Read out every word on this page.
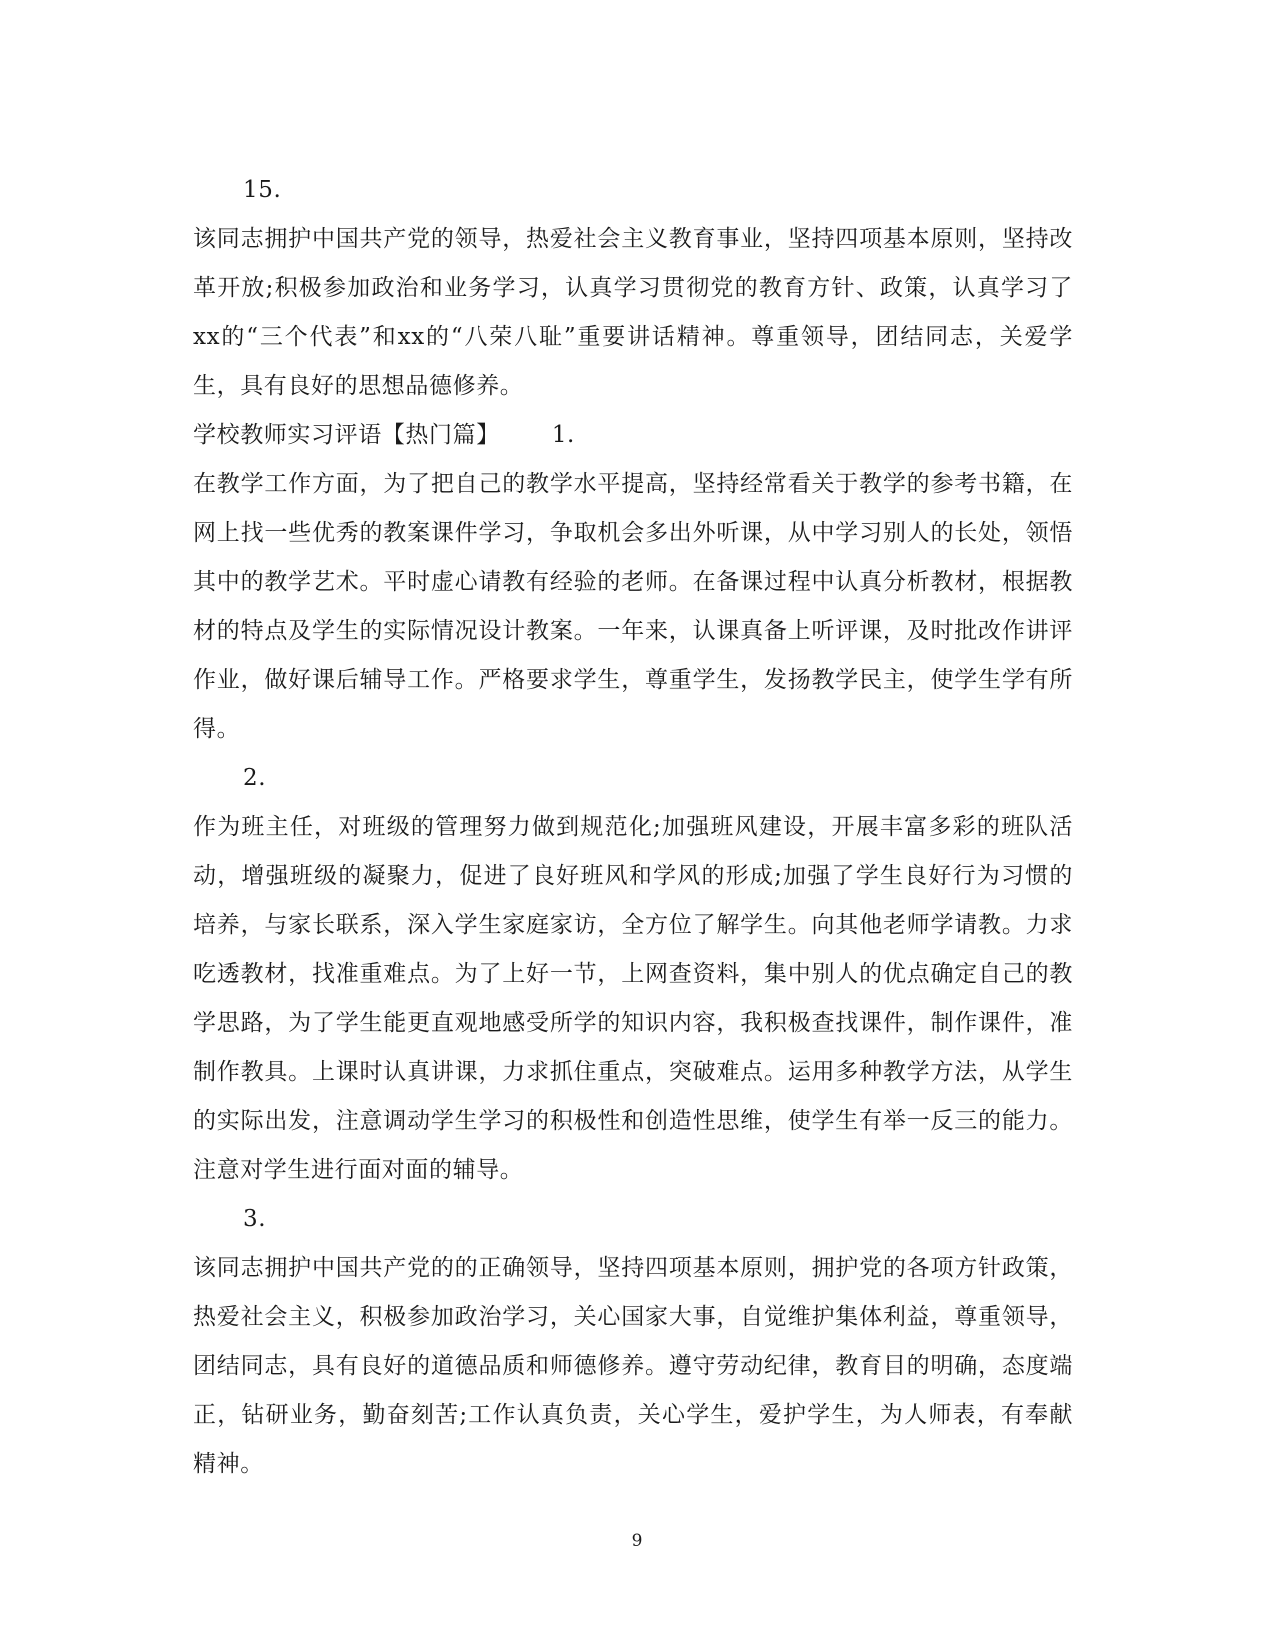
15.
该同志拥护中国共产党的领导，热爱社会主义教育事业，坚持四项基本原则，坚持改革开放;积极参加政治和业务学习，认真学习贯彻党的教育方针、政策，认真学习了xx的“三个代表”和xx的“八荣八耻”重要讲话精神。尊重领导，团结同志，关爱学生，具有良好的思想品德修养。
学校教师实习评语【热门篇】 1.
在教学工作方面，为了把自己的教学水平提高，坚持经常看关于教学的参考书籍，在网上找一些优秀的教案课件学习，争取机会多出外听课，从中学习别人的长处，领悟其中的教学艺术。平时虚心请教有经验的老师。在备课过程中认真分析教材，根据教材的特点及学生的实际情况设计教案。一年来，认课真备上听评课，及时批改作讲评作业，做好课后辅导工作。严格要求学生，尊重学生，发扬教学民主，使学生学有所得。
2.
作为班主任，对班级的管理努力做到规范化;加强班风建设，开展丰富多彩的班队活动，增强班级的凝聚力，促进了良好班风和学风的形成;加强了学生良好行为习惯的培养，与家长联系，深入学生家庭家访，全方位了解学生。向其他老师学请教。力求吃透教材，找准重难点。为了上好一节，上网查资料，集中别人的优点确定自己的教学思路，为了学生能更直观地感受所学的知识内容，我积极查找课件，制作课件，准制作教具。上课时认真讲课，力求抓住重点，突破难点。运用多种教学方法，从学生的实际出发，注意调动学生学习的积极性和创造性思维，使学生有举一反三的能力。注意对学生进行面对面的辅导。
3.
该同志拥护中国共产党的的正确领导，坚持四项基本原则，拥护党的各项方针政策，热爱社会主义，积极参加政治学习，关心国家大事，自觉维护集体利益，尊重领导，团结同志，具有良好的道德品质和师德修养。遵守劳动纪律，教育目的明确，态度端正，钻研业务，勤奋刻苦;工作认真负责，关心学生，爱护学生，为人师表，有奉献精神。
9
